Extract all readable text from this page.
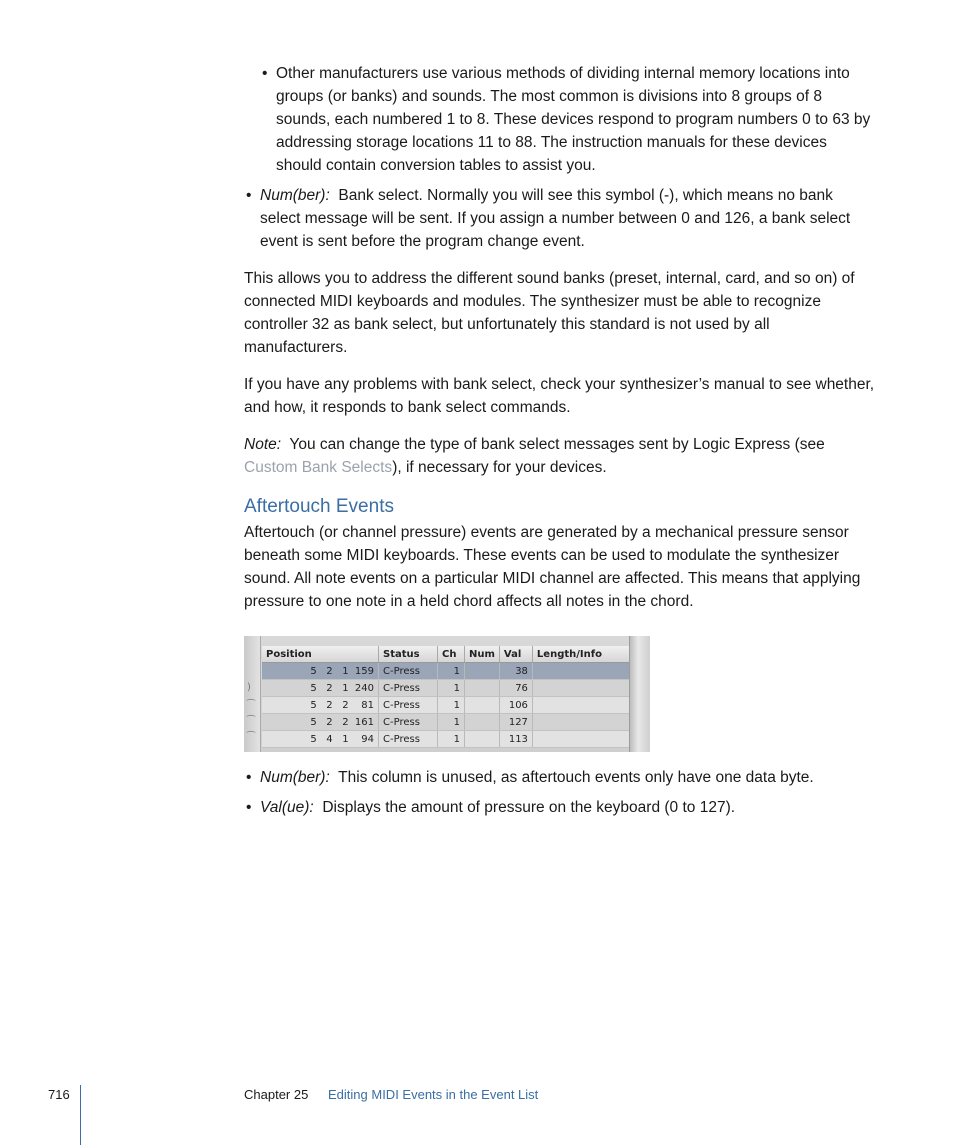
• Other manufacturers use various methods of dividing internal memory locations into groups (or banks) and sounds. The most common is divisions into 8 groups of 8 sounds, each numbered 1 to 8. These devices respond to program numbers 0 to 63 by addressing storage locations 11 to 88. The instruction manuals for these devices should contain conversion tables to assist you.
• Num(ber): Bank select. Normally you will see this symbol (-), which means no bank select message will be sent. If you assign a number between 0 and 126, a bank select event is sent before the program change event.

This allows you to address the different sound banks (preset, internal, card, and so on) of connected MIDI keyboards and modules. The synthesizer must be able to recognize controller 32 as bank select, but unfortunately this standard is not used by all manufacturers.

If you have any problems with bank select, check your synthesizer’s manual to see whether, and how, it responds to bank select commands.

Note: You can change the type of bank select messages sent by Logic Express (see Custom Bank Selects), if necessary for your devices.

Aftertouch Events

Aftertouch (or channel pressure) events are generated by a mechanical pressure sensor beneath some MIDI keyboards. These events can be used to modulate the synthesizer sound. All note events on a particular MIDI channel are affected. This means that applying pressure to one note in a held chord affects all notes in the chord.

)
⁀
⁀
⁀
Position	Status	Ch	Num	Val	Length/Info
5   2   1  159	C-Press	1		38	
5   2   1  240	C-Press	1		76	
5   2   2    81	C-Press	1		106	
5   2   2  161	C-Press	1		127	
5   4   1    94	C-Press	1		113	
• Num(ber): This column is unused, as aftertouch events only have one data byte.
• Val(ue): Displays the amount of pressure on the keyboard (0 to 127).
716	Chapter 25 Editing MIDI Events in the Event List
